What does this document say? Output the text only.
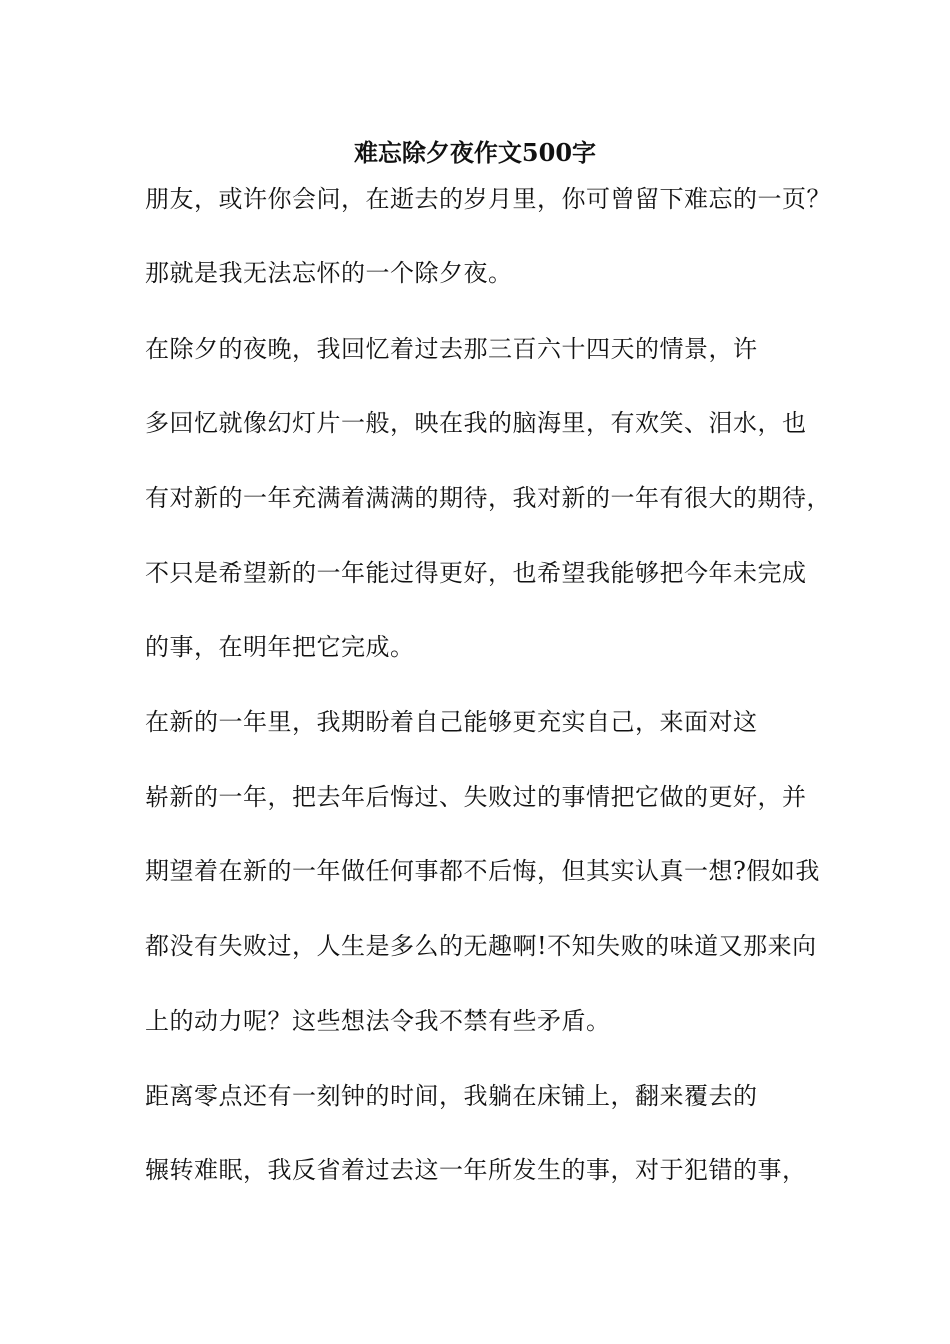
难忘除夕夜作文500字
朋友，或许你会问，在逝去的岁月里，你可曾留下难忘的一页？
那就是我无法忘怀的一个除夕夜。
在除夕的夜晚，我回忆着过去那三百六十四天的情景，许
多回忆就像幻灯片一般，映在我的脑海里，有欢笑、泪水，也
有对新的一年充满着满满的期待，我对新的一年有很大的期待，
不只是希望新的一年能过得更好，也希望我能够把今年未完成
的事，在明年把它完成。
在新的一年里，我期盼着自己能够更充实自己，来面对这
崭新的一年，把去年后悔过、失败过的事情把它做的更好，并
期望着在新的一年做任何事都不后悔，但其实认真一想?假如我
都没有失败过，人生是多么的无趣啊!不知失败的味道又那来向
上的动力呢？这些想法令我不禁有些矛盾。
距离零点还有一刻钟的时间，我躺在床铺上，翻来覆去的
辗转难眠，我反省着过去这一年所发生的事，对于犯错的事，
